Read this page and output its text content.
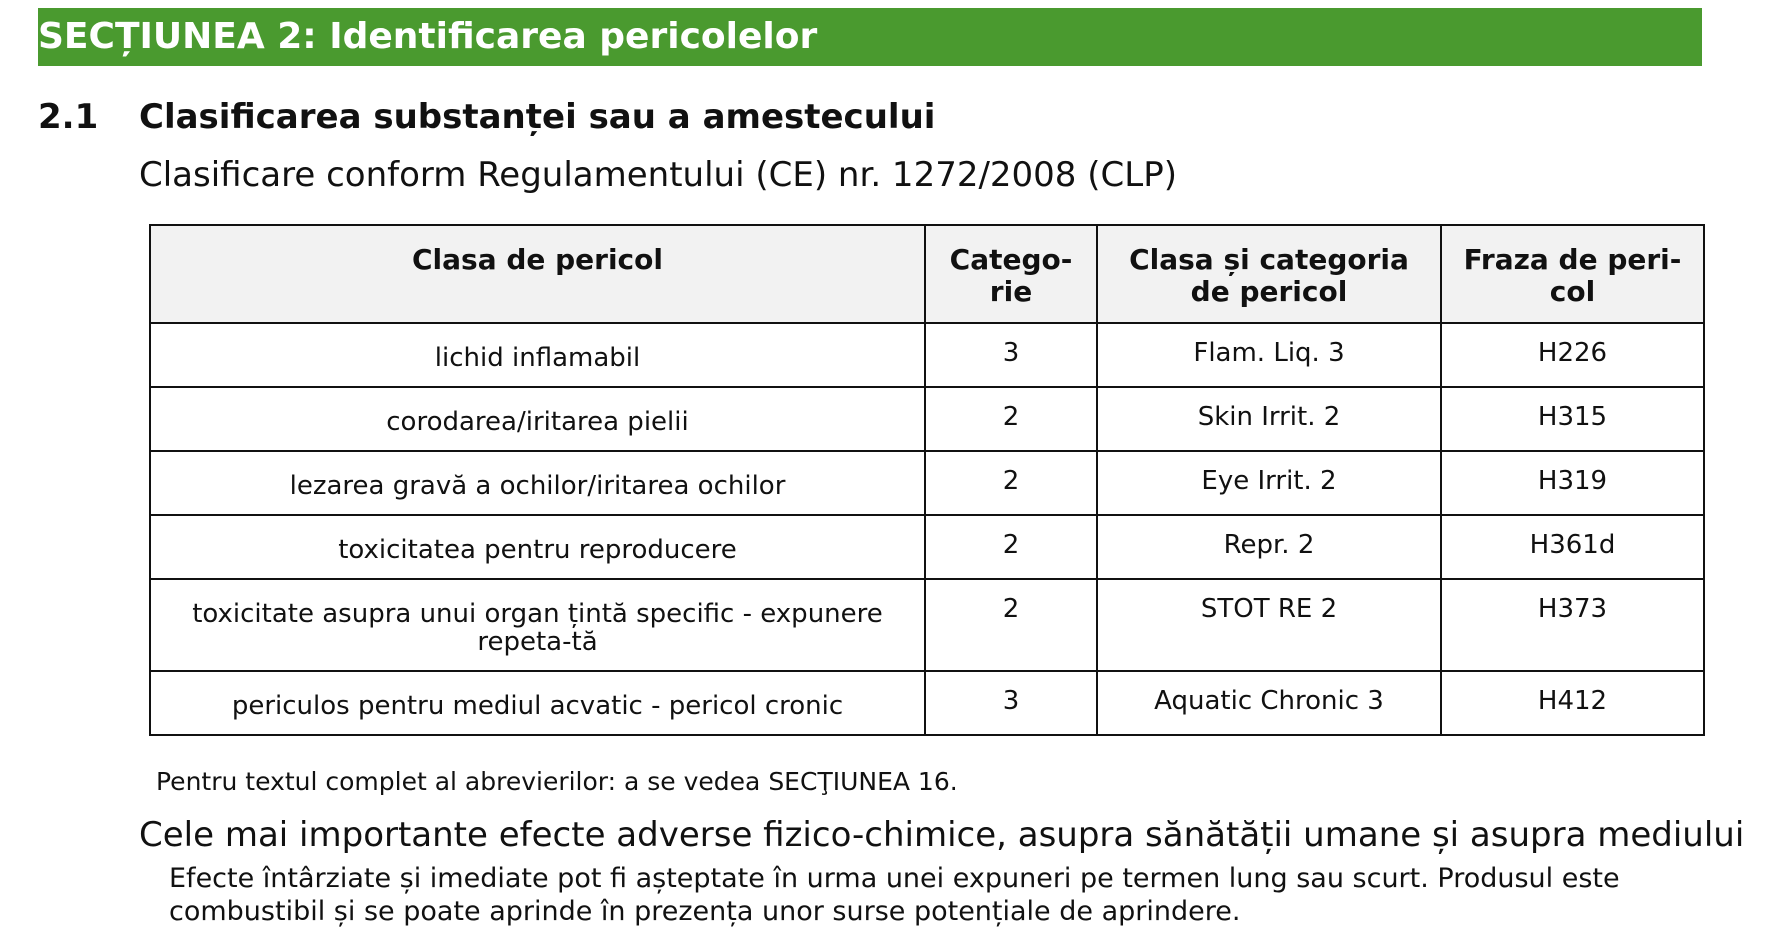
SECȚIUNEA 2: Identificarea pericolelor
2.1 Clasificarea substanței sau a amestecului
Clasificare conform Regulamentului (CE) nr. 1272/2008 (CLP)
Clasa de pericol	Catego-rie	Clasa și categoria de pericol	Fraza de peri-col
lichid inflamabil	3	Flam. Liq. 3	H226
corodarea/iritarea pielii	2	Skin Irrit. 2	H315
lezarea gravă a ochilor/iritarea ochilor	2	Eye Irrit. 2	H319
toxicitatea pentru reproducere	2	Repr. 2	H361d
toxicitate asupra unui organ țintă specific - expunere repeta-tă	2	STOT RE 2	H373
periculos pentru mediul acvatic - pericol cronic	3	Aquatic Chronic 3	H412
Pentru textul complet al abrevierilor: a se vedea SECŢIUNEA 16.
Cele mai importante efecte adverse fizico-chimice, asupra sănătății umane și asupra mediului
Efecte întârziate și imediate pot fi așteptate în urma unei expuneri pe termen lung sau scurt. Produsul este combustibil și se poate aprinde în prezența unor surse potențiale de aprindere.
